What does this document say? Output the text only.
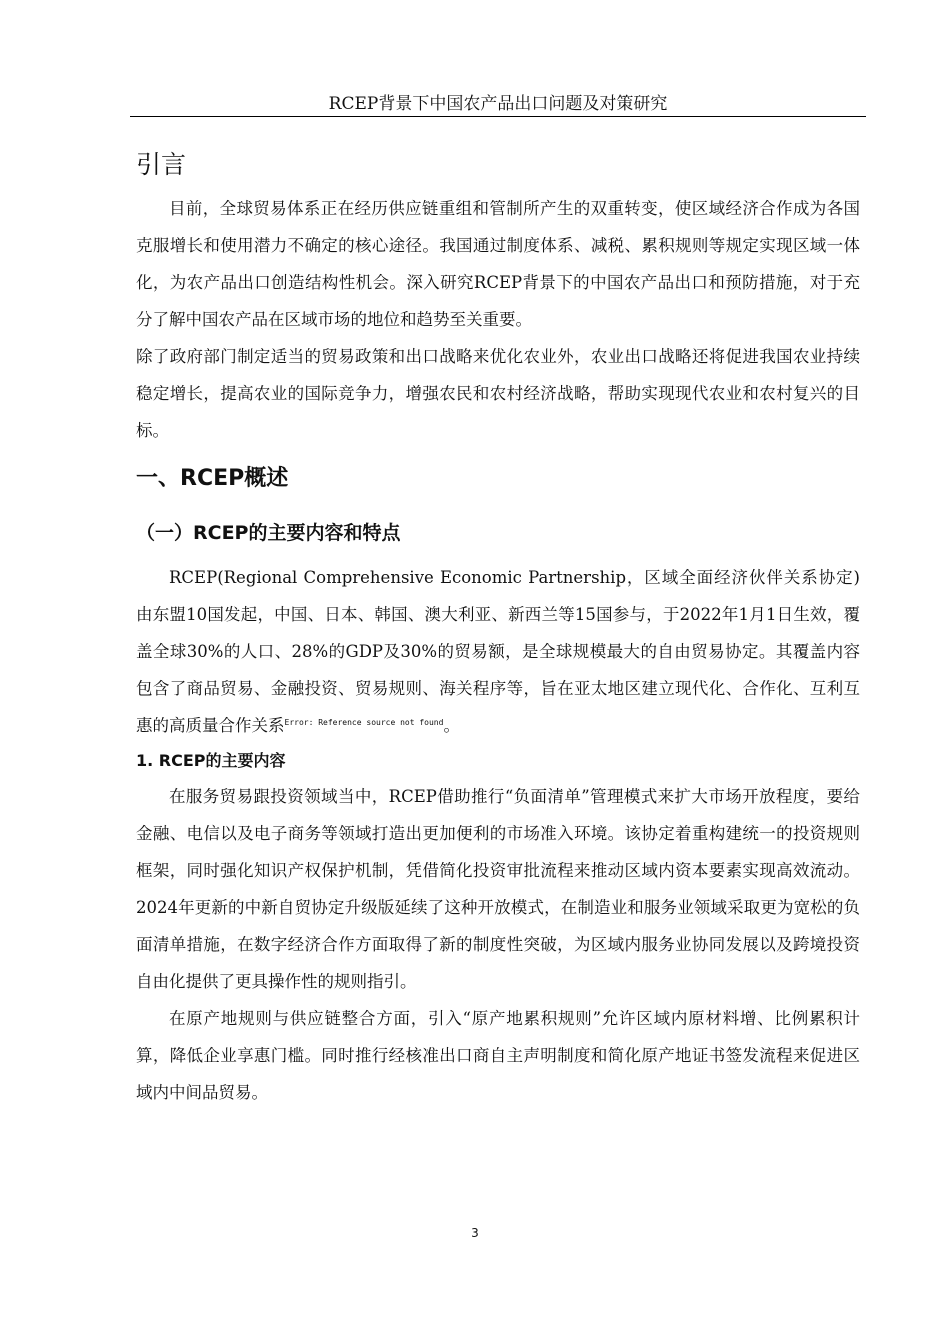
RCEP背景下中国农产品出口问题及对策研究
引言

目前，全球贸易体系正在经历供应链重组和管制所产生的双重转变，使区域经济合作成为各国克服增长和使用潜力不确定的核心途径。我国通过制度体系、减税、累积规则等规定实现区域一体化，为农产品出口创造结构性机会。深入研究RCEP背景下的中国农产品出口和预防措施，对于充分了解中国农产品在区域市场的地位和趋势至关重要。

除了政府部门制定适当的贸易政策和出口战略来优化农业外，农业出口战略还将促进我国农业持续稳定增长，提高农业的国际竞争力，增强农民和农村经济战略，帮助实现现代农业和农村复兴的目标。

一、RCEP概述
（一）RCEP的主要内容和特点

RCEP(Regional Comprehensive Economic Partnership，区域全面经济伙伴关系协定)由东盟10国发起，中国、日本、韩国、澳大利亚、新西兰等15国参与，于2022年1月1日生效，覆盖全球30%的人口、28%的GDP及30%的贸易额，是全球规模最大的自由贸易协定。其覆盖内容包含了商品贸易、金融投资、贸易规则、海关程序等，旨在亚太地区建立现代化、合作化、互利互惠的高质量合作关系$^{Error: Reference source not found}$。

1. RCEP的主要内容

在服务贸易跟投资领域当中，RCEP借助推行“负面清单”管理模式来扩大市场开放程度，要给金融、电信以及电子商务等领域打造出更加便利的市场准入环境。该协定着重构建统一的投资规则框架，同时强化知识产权保护机制，凭借简化投资审批流程来推动区域内资本要素实现高效流动。2024年更新的中新自贸协定升级版延续了这种开放模式，在制造业和服务业领域采取更为宽松的负面清单措施，在数字经济合作方面取得了新的制度性突破，为区域内服务业协同发展以及跨境投资自由化提供了更具操作性的规则指引。

在原产地规则与供应链整合方面，引入“原产地累积规则”允许区域内原材料增、比例累积计算，降低企业享惠门槛。同时推行经核准出口商自主声明制度和简化原产地证书签发流程来促进区域内中间品贸易。

3
